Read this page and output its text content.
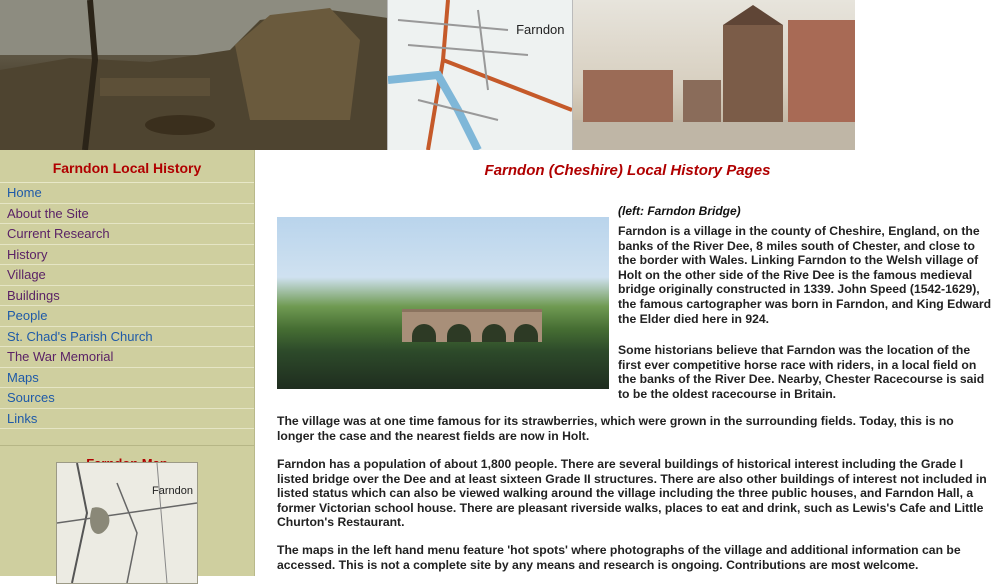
Farndon
Farndon Local History
Home
About the Site
Current Research
History
Village
Buildings
People
St. Chad's Parish Church
The War Memorial
Maps
Sources
Links
Farndon
Farndon (Cheshire) Local History Pages
(left: Farndon Bridge)
Farndon is a village in the county of Cheshire, England, on the banks of the River Dee, 8 miles south of Chester, and close to the border with Wales. Linking Farndon to the Welsh village of Holt on the other side of the Rive Dee is the famous medieval bridge originally constructed in 1339. John Speed (1542-1629), the famous cartographer was born in Farndon, and King Edward the Elder died here in 924.
Some historians believe that Farndon was the location of the first ever competitive horse race with riders, in a local field on the banks of the River Dee. Nearby, Chester Racecourse is said to be the oldest racecourse in Britain.
The village was at one time famous for its strawberries, which were grown in the surrounding fields. Today, this is no longer the case and the nearest fields are now in Holt.
Farndon has a population of about 1,800 people. There are several buildings of historical interest including the Grade I listed bridge over the Dee and at least sixteen Grade II structures. There are also other buildings of interest not included in listed status which can also be viewed walking around the village including the three public houses, and Farndon Hall, a former Victorian school house. There are pleasant riverside walks, places to eat and drink, such as Lewis's Cafe and Little Churton's Restaurant.
The maps in the left hand menu feature 'hot spots' where photographs of the village and additional information can be accessed. This is not a complete site by any means and research is ongoing. Contributions are most welcome.
